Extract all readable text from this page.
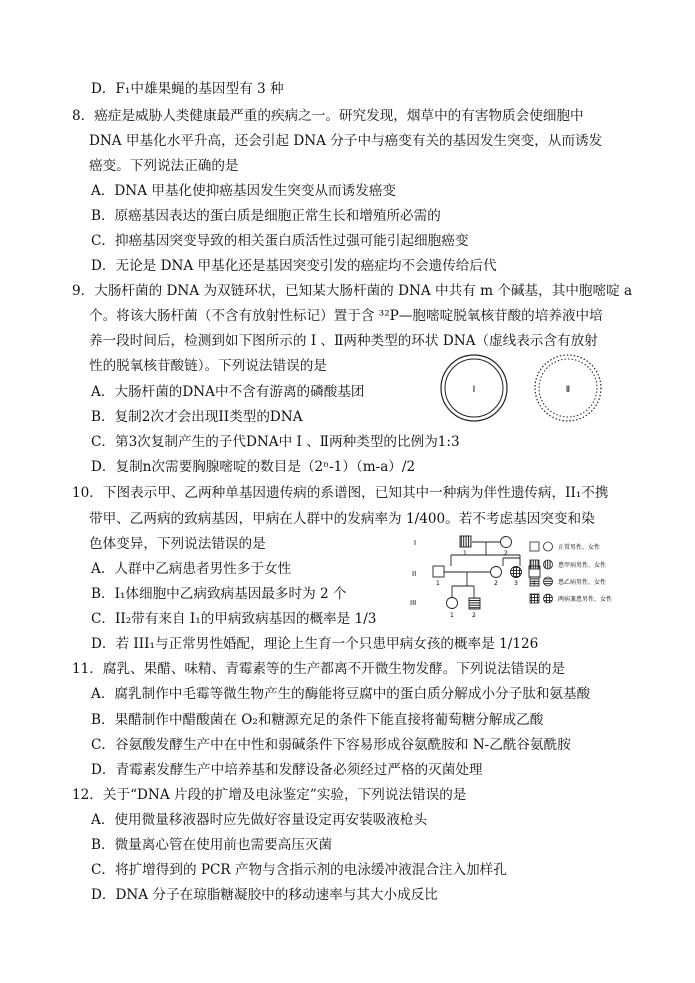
D．F₁中雄果蝇的基因型有 3 种
8．癌症是威胁人类健康最严重的疾病之一。研究发现，烟草中的有害物质会使细胞中
DNA 甲基化水平升高，还会引起 DNA 分子中与癌变有关的基因发生突变，从而诱发
癌变。下列说法正确的是
A．DNA 甲基化使抑癌基因发生突变从而诱发癌变
B．原癌基因表达的蛋白质是细胞正常生长和增殖所必需的
C．抑癌基因突变导致的相关蛋白质活性过强可能引起细胞癌变
D．无论是 DNA 甲基化还是基因突变引发的癌症均不会遗传给后代
9．大肠杆菌的 DNA 为双链环状，已知某大肠杆菌的 DNA 中共有 m 个碱基，其中胞嘧啶 a
个。将该大肠杆菌（不含有放射性标记）置于含 ³²P—胞嘧啶脱氧核苷酸的培养液中培
养一段时间后，检测到如下图所示的 Ⅰ 、Ⅱ两种类型的环状 DNA（虚线表示含有放射
性的脱氧核苷酸链）。下列说法错误的是
A．大肠杆菌的DNA中不含有游离的磷酸基团
B．复制2次才会出现II类型的DNA
C．第3次复制产生的子代DNA中 Ⅰ 、Ⅱ两种类型的比例为1:3
D．复制n次需要胸腺嘧啶的数目是（2ⁿ-1）（m-a）/2
Ⅰ	Ⅱ
10．下图表示甲、乙两种单基因遗传病的系谱图，已知其中一种病为伴性遗传病，II₁不携
带甲、乙两病的致病基因，甲病在人群中的发病率为 1/400。若不考虑基因突变和染
色体变异，下列说法错误的是
A．人群中乙病患者男性多于女性
B．I₁体细胞中乙病致病基因最多时为 2 个
C．II₂带有来自 I₁的甲病致病基因的概率是 1/3
D．若 III₁与正常男性婚配，理论上生育一个只患甲病女孩的概率是 1/126
I
II
III
1	2
1	2	3
1	2
正常男性、女性
患甲病男性、女性
患乙病男性、女性
两病兼患男性、女性
11．腐乳、果醋、味精、青霉素等的生产都离不开微生物发酵。下列说法错误的是
A．腐乳制作中毛霉等微生物产生的酶能将豆腐中的蛋白质分解成小分子肽和氨基酸
B．果醋制作中醋酸菌在 O₂和糖源充足的条件下能直接将葡萄糖分解成乙酸
C．谷氨酸发酵生产中在中性和弱碱条件下容易形成谷氨酰胺和 N-乙酰谷氨酰胺
D．青霉素发酵生产中培养基和发酵设备必须经过严格的灭菌处理
12．关于“DNA 片段的扩增及电泳鉴定”实验，下列说法错误的是
A．使用微量移液器时应先做好容量设定再安装吸液枪头
B．微量离心管在使用前也需要高压灭菌
C．将扩增得到的 PCR 产物与含指示剂的电泳缓冲液混合注入加样孔
D．DNA 分子在琼脂糖凝胶中的移动速率与其大小成反比
